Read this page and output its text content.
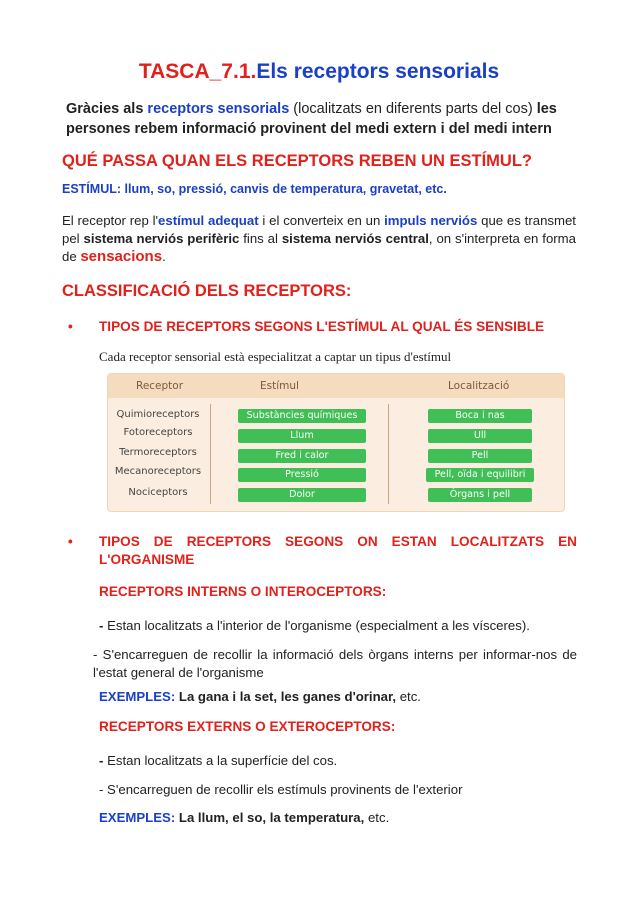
TASCA_7.1.Els receptors sensorials
Gràcies als receptors sensorials (localitzats en diferents parts del cos) les persones rebem informació provinent del medi extern i del medi intern
QUÉ PASSA QUAN ELS RECEPTORS REBEN UN ESTÍMUL?
ESTÍMUL: llum, so, pressió, canvis de temperatura, gravetat, etc.
El receptor rep l'estímul adequat i el converteix en un impuls nerviós que es transmet pel sistema nerviós perifèric fins al sistema nerviós central, on s'interpreta en forma de sensacions.
CLASSIFICACIÓ DELS RECEPTORS:
• TIPOS DE RECEPTORS SEGONS L'ESTÍMUL AL QUAL ÉS SENSIBLE
Cada receptor sensorial està especialitzat a captar un tipus d'estímul
Receptor	Estímul	Localització
Quimioreceptors	Substàncies químiques	Boca i nas
Fotoreceptors	Llum	Ull
Termoreceptors	Fred i calor	Pell
Mecanoreceptors	Pressió	Pell, oïda i equilibri
Nociceptors	Dolor	Òrgans i pell
• TIPOS DE RECEPTORS SEGONS ON ESTAN LOCALITZATS EN L'ORGANISME
RECEPTORS INTERNS O INTEROCEPTORS:
- Estan localitzats a l'interior de l'organisme (especialment a les vísceres).
- S'encarreguen de recollir la informació dels òrgans interns per informar-nos de l'estat general de l'organisme
EXEMPLES: La gana i la set, les ganes d'orinar, etc.
RECEPTORS EXTERNS O EXTEROCEPTORS:
- Estan localitzats a la superfície del cos.
- S'encarreguen de recollir els estímuls provinents de l'exterior
EXEMPLES: La llum, el so, la temperatura, etc.
